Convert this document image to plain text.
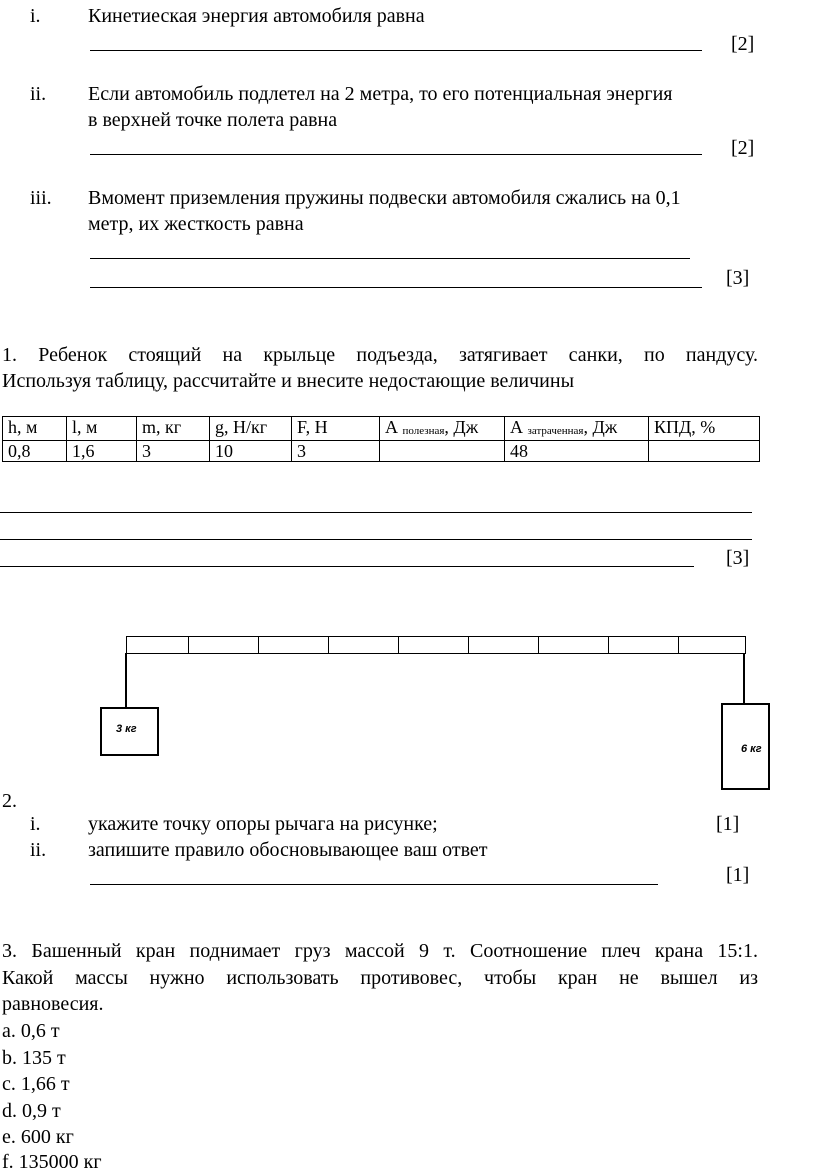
i. Кинетиеская энергия автомобиля равна
[2]
ii. Если автомобиль подлетел на 2 метра, то его потенциальная энергия
в верхней точке полета равна
[2]
iii. Вмомент приземления пружины подвески автомобиля сжались на 0,1
метр, их жесткость равна
[3]
1. Ребенок стоящий на крыльце подъезда, затягивает санки, по пандусу.
Используя таблицу, рассчитайте и внесите недостающие величины
h, м	l, м	m, кг	g, Н/кг	F, Н	А $_{полезная}$, Дж	А $_{затраченная}$, Дж	КПД, %
0,8	1,6	3	10	3		48	
[3]
3 кг
6 кг
2.
i. укажите точку опоры рычага на рисунке;	[1]
ii. запишите правило обосновывающее ваш ответ
[1]
3. Башенный кран поднимает груз массой 9 т. Соотношение плеч крана 15:1.
Какой массы нужно использовать противовес, чтобы кран не вышел из
равновесия.
a. 0,6 т
b. 135 т
c. 1,66 т
d. 0,9 т
e. 600 кг
f. 135000 кг
